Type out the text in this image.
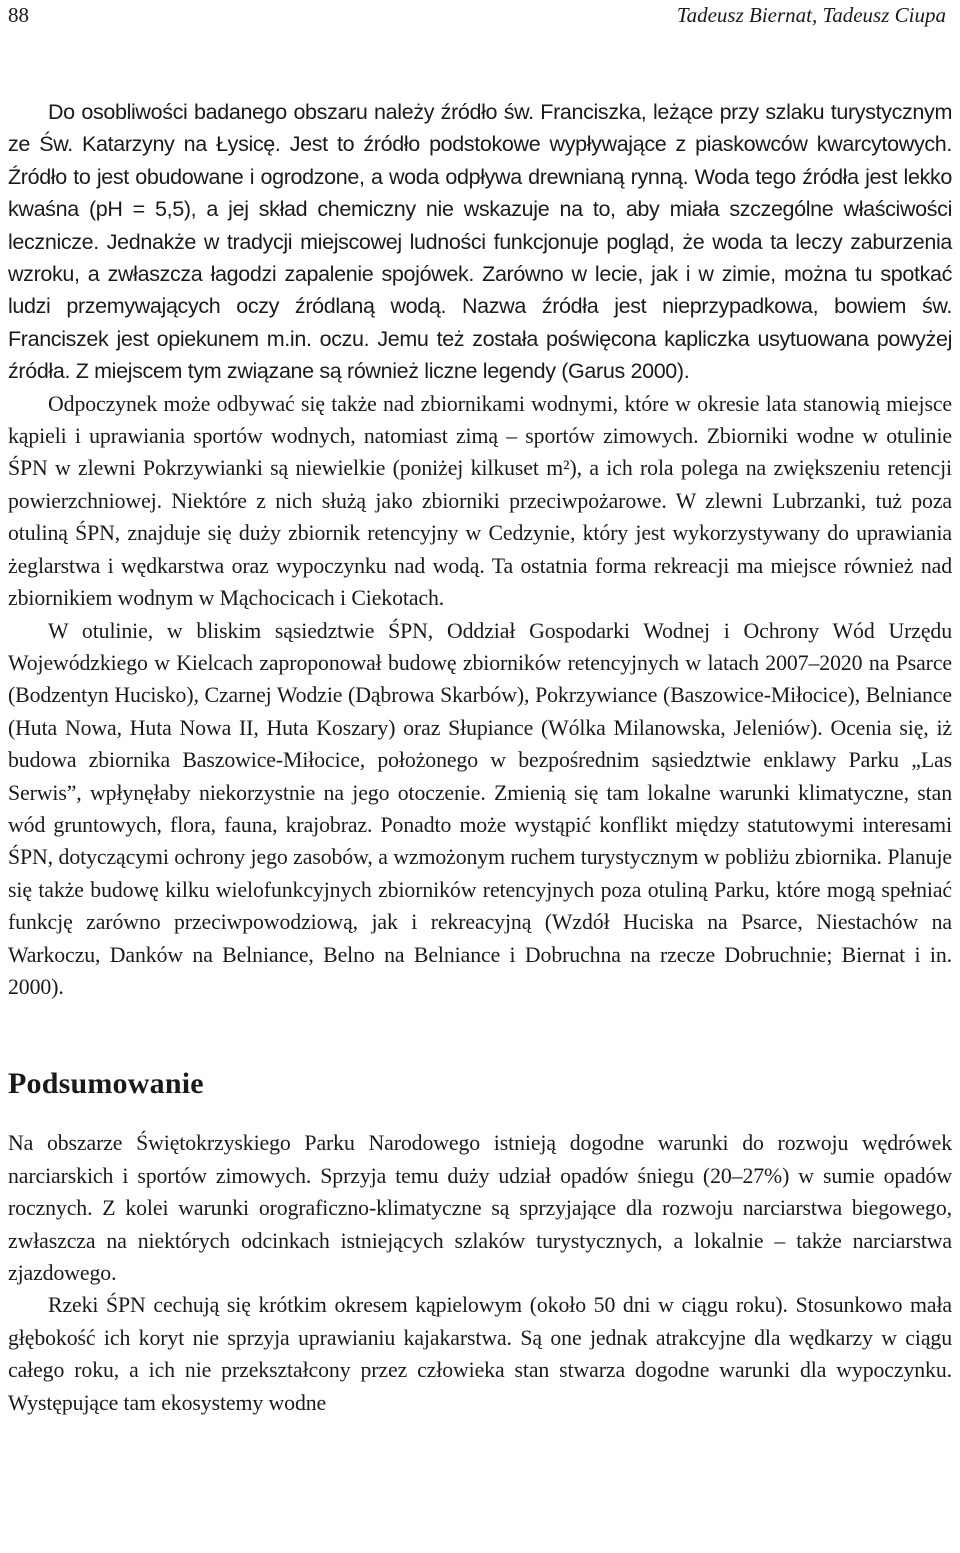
88	Tadeusz Biernat, Tadeusz Ciupa

Do osobliwości badanego obszaru należy źródło św. Franciszka, leżące przy szlaku turystycznym ze Św. Katarzyny na Łysicę. Jest to źródło podstokowe wypływające z piaskowców kwarcytowych. Źródło to jest obudowane i ogrodzone, a woda odpływa drewnianą rynną. Woda tego źródła jest lekko kwaśna (pH = 5,5), a jej skład chemiczny nie wskazuje na to, aby miała szczególne właściwości lecznicze. Jednakże w tradycji miejscowej ludności funkcjonuje pogląd, że woda ta leczy zaburzenia wzroku, a zwłaszcza łagodzi zapalenie spojówek. Zarówno w lecie, jak i w zimie, można tu spotkać ludzi przemywających oczy źródlaną wodą. Nazwa źródła jest nieprzypadkowa, bowiem św. Franciszek jest opiekunem m.in. oczu. Jemu też została poświęcona kapliczka usytuowana powyżej źródła. Z miejscem tym związane są również liczne legendy (Garus 2000).

Odpoczynek może odbywać się także nad zbiornikami wodnymi, które w okresie lata stanowią miejsce kąpieli i uprawiania sportów wodnych, natomiast zimą – sportów zimowych. Zbiorniki wodne w otulinie ŚPN w zlewni Pokrzywianki są niewielkie (poniżej kilkuset m²), a ich rola polega na zwiększeniu retencji powierzchniowej. Niektóre z nich służą jako zbiorniki przeciwpożarowe. W zlewni Lubrzanki, tuż poza otuliną ŚPN, znajduje się duży zbiornik retencyjny w Cedzynie, który jest wykorzystywany do uprawiania żeglarstwa i wędkarstwa oraz wypoczynku nad wodą. Ta ostatnia forma rekreacji ma miejsce również nad zbiornikiem wodnym w Mąchocicach i Ciekotach.

W otulinie, w bliskim sąsiedztwie ŚPN, Oddział Gospodarki Wodnej i Ochrony Wód Urzędu Wojewódzkiego w Kielcach zaproponował budowę zbiorników retencyjnych w latach 2007–2020 na Psarce (Bodzentyn Hucisko), Czarnej Wodzie (Dąbrowa Skarbów), Pokrzywiance (Baszowice-Miłocice), Belniance (Huta Nowa, Huta Nowa II, Huta Koszary) oraz Słupiance (Wólka Milanowska, Jeleniów). Ocenia się, iż budowa zbiornika Baszowice-Miłocice, położonego w bezpośrednim sąsiedztwie enklawy Parku „Las Serwis”, wpłynęłaby niekorzystnie na jego otoczenie. Zmienią się tam lokalne warunki klimatyczne, stan wód gruntowych, flora, fauna, krajobraz. Ponadto może wystąpić konflikt między statutowymi interesami ŚPN, dotyczącymi ochrony jego zasobów, a wzmożonym ruchem turystycznym w pobliżu zbiornika. Planuje się także budowę kilku wielofunkcyjnych zbiorników retencyjnych poza otuliną Parku, które mogą spełniać funkcję zarówno przeciwpowodziową, jak i rekreacyjną (Wzdół Huciska na Psarce, Niestachów na Warkoczu, Danków na Belniance, Belno na Belniance i Dobruchna na rzecze Dobruchnie; Biernat i in. 2000).

Podsumowanie

Na obszarze Świętokrzyskiego Parku Narodowego istnieją dogodne warunki do rozwoju wędrówek narciarskich i sportów zimowych. Sprzyja temu duży udział opadów śniegu (20–27%) w sumie opadów rocznych. Z kolei warunki orograficzno-klimatyczne są sprzyjające dla rozwoju narciarstwa biegowego, zwłaszcza na niektórych odcinkach istniejących szlaków turystycznych, a lokalnie – także narciarstwa zjazdowego.

Rzeki ŚPN cechują się krótkim okresem kąpielowym (około 50 dni w ciągu roku). Stosunkowo mała głębokość ich koryt nie sprzyja uprawianiu kajakarstwa. Są one jednak atrakcyjne dla wędkarzy w ciągu całego roku, a ich nie przekształcony przez człowieka stan stwarza dogodne warunki dla wypoczynku. Występujące tam ekosystemy wodne
